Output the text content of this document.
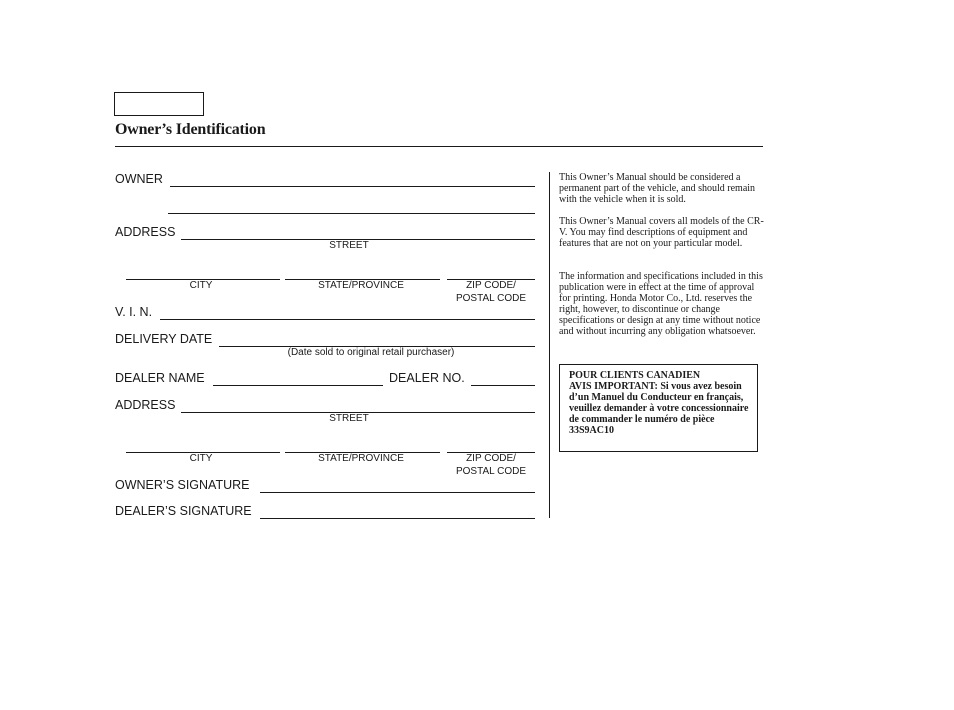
Owner’s Identification
OWNER
ADDRESS
STREET
CITY	STATE/PROVINCE	ZIP CODE/
POSTAL CODE
V. I. N.
DELIVERY DATE
(Date sold to original retail purchaser)
DEALER NAME	DEALER NO.
ADDRESS
STREET
CITY	STATE/PROVINCE	ZIP CODE/
POSTAL CODE
OWNER’S SIGNATURE
DEALER’S SIGNATURE
This Owner’s Manual should be considered a permanent part of the vehicle, and should remain with the vehicle when it is sold.
This Owner’s Manual covers all models of the CR-V. You may find descriptions of equipment and features that are not on your particular model.
The information and specifications included in this publication were in effect at the time of approval for printing. Honda Motor Co., Ltd. reserves the right, however, to discontinue or change specifications or design at any time without notice and without incurring any obligation whatsoever.
POUR CLIENTS CANADIEN
AVIS IMPORTANT: Si vous avez besoin d’un Manuel du Conducteur en français, veuillez demander à votre concessionnaire de commander le numéro de pièce 33S9AC10
